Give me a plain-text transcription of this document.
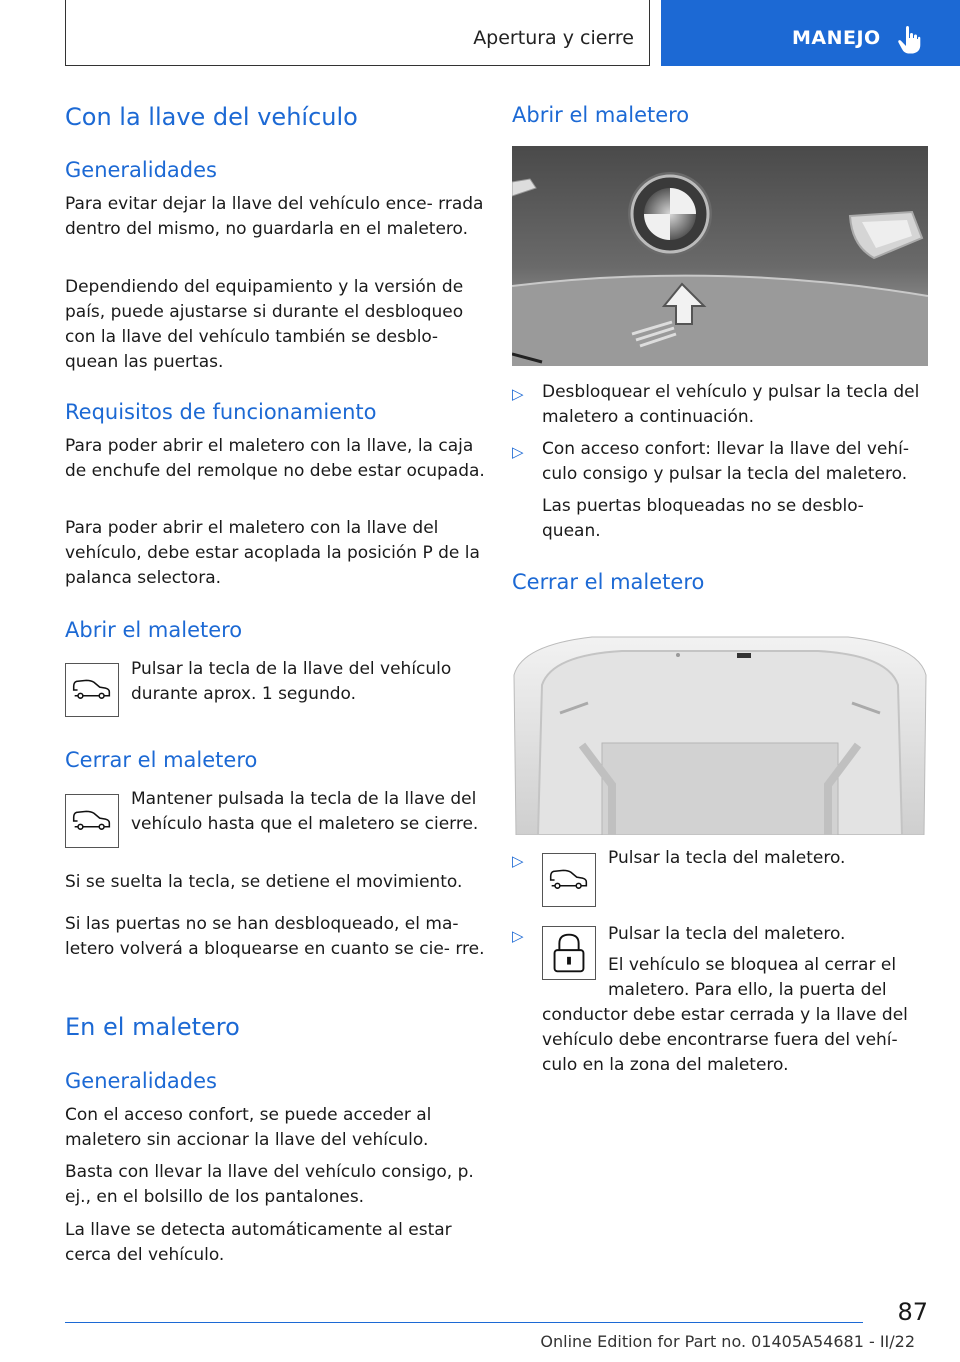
Apertura y cierre	MANEJO
Con la llave del vehículo
Generalidades
Para evitar dejar la llave del vehículo ence‐ rrada dentro del mismo, no guardarla en el maletero.
Dependiendo del equipamiento y la versión de país, puede ajustarse si durante el desbloqueo con la llave del vehículo también se desblo‐ quean las puertas.
Requisitos de funcionamiento
Para poder abrir el maletero con la llave, la caja de enchufe del remolque no debe estar ocupada.
Para poder abrir el maletero con la llave del vehículo, debe estar acoplada la posición P de la palanca selectora.
Abrir el maletero
Pulsar la tecla de la llave del vehículo durante aprox. 1 segundo.
Cerrar el maletero
Mantener pulsada la tecla de la llave del vehículo hasta que el maletero se cierre.
Si se suelta la tecla, se detiene el movimiento.
Si las puertas no se han desbloqueado, el ma‐ letero volverá a bloquearse en cuanto se cie‐ rre.
En el maletero
Generalidades
Con el acceso confort, se puede acceder al maletero sin accionar la llave del vehículo.
Basta con llevar la llave del vehículo consigo, p. ej., en el bolsillo de los pantalones.
La llave se detecta automáticamente al estar cerca del vehículo.
Abrir el maletero
▷ Desbloquear el vehículo y pulsar la tecla del maletero a continuación.
▷ Con acceso confort: llevar la llave del vehí‐ culo consigo y pulsar la tecla del maletero.
Las puertas bloqueadas no se desblo‐ quean.
Cerrar el maletero
▷	Pulsar la tecla del maletero.
▷	Pulsar la tecla del maletero.
El vehículo se bloquea al cerrar el
maletero. Para ello, la puerta del conductor debe estar cerrada y la llave del vehículo debe encontrarse fuera del vehí‐ culo en la zona del maletero.
87
Online Edition for Part no. 01405A54681 - II/22
